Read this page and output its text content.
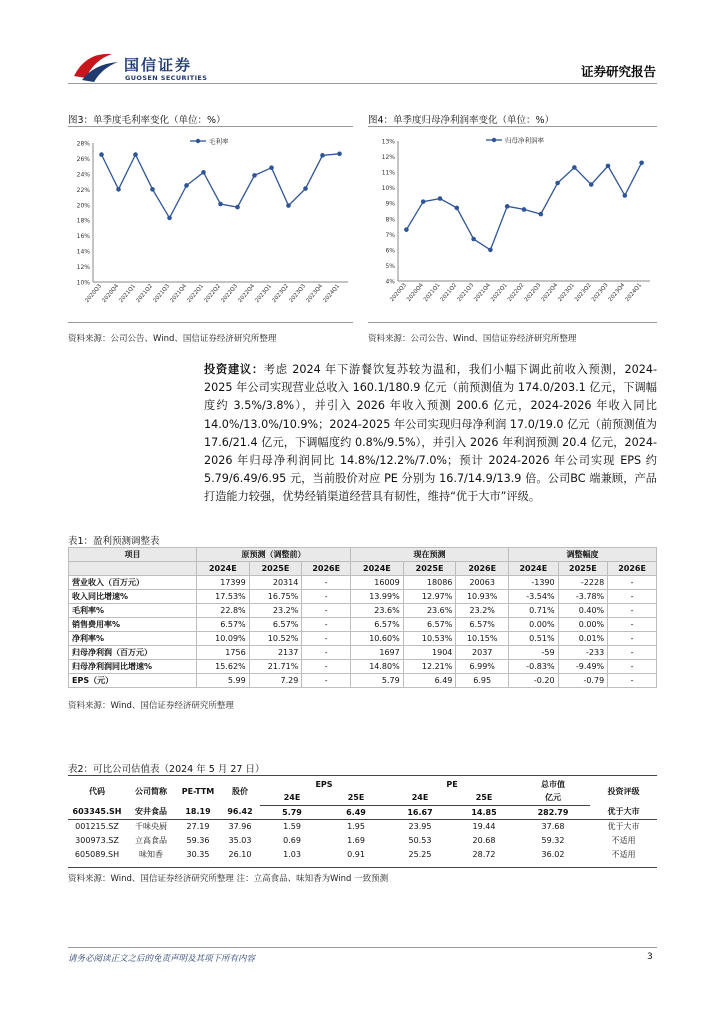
国信证券
GUOSEN SECURITIES	证券研究报告
图3：单季度毛利率变化（单位：%）
10%
12%
14%
16%
18%
20%
22%
24%
26%
28%
2020Q3
2020Q4
2021Q1
2021Q2
2021Q3
2021Q4
2022Q1
2022Q2
2022Q3
2022Q4
2023Q1
2023Q2
2023Q3
2023Q4
2024Q1
毛利率
资料来源：公司公告、Wind、国信证券经济研究所整理
图4：单季度归母净利润率变化（单位：%）
4%
5%
6%
7%
8%
9%
10%
11%
12%
13%
2020Q3
2020Q4
2021Q1
2021Q2
2021Q3
2021Q4
2022Q1
2022Q2
2022Q3
2022Q4
2023Q1
2023Q2
2023Q3
2023Q4
2024Q1
归母净利润率
资料来源：公司公告、Wind、国信证券经济研究所整理
投资建议：考虑 2024 年下游餐饮复苏较为温和，我们小幅下调此前收入预测，2024-2025 年公司实现营业总收入 160.1/180.9 亿元（前预测值为 174.0/203.1 亿元，下调幅度约 3.5%/3.8%），并引入 2026 年收入预测 200.6 亿元，2024-2026 年收入同比 14.0%/13.0%/10.9%；2024-2025 年公司实现归母净利润 17.0/19.0 亿元（前预测值为 17.6/21.4 亿元，下调幅度约 0.8%/9.5%），并引入 2026 年利润预测 20.4 亿元，2024-2026 年归母净利润同比 14.8%/12.2%/7.0%；预计 2024-2026 年公司实现 EPS 约 5.79/6.49/6.95 元，当前股价对应 PE 分别为 16.7/14.9/13.9 倍。公司BC 端兼顾，产品打造能力较强，优势经销渠道经营具有韧性，维持“优于大市”评级。
表1：盈利预测调整表
项目	原预测（调整前）			现在预测			调整幅度		
	2024E	2025E	2026E	2024E	2025E	2026E	2024E	2025E	2026E
营业收入（百万元）	17399	20314	-	16009	18086	20063	-1390	-2228	-
收入同比增速%	17.53%	16.75%	-	13.99%	12.97%	10.93%	-3.54%	-3.78%	-
毛利率%	22.8%	23.2%	-	23.6%	23.6%	23.2%	0.71%	0.40%	-
销售费用率%	6.57%	6.57%	-	6.57%	6.57%	6.57%	0.00%	0.00%	-
净利率%	10.09%	10.52%	-	10.60%	10.53%	10.15%	0.51%	0.01%	-
归母净利润（百万元）	1756	2137	-	1697	1904	2037	-59	-233	-
归母净利润同比增速%	15.62%	21.71%	-	14.80%	12.21%	6.99%	-0.83%	-9.49%	-
EPS（元）	5.99	7.29	-	5.79	6.49	6.95	-0.20	-0.79	-
资料来源：Wind、国信证券经济研究所整理
表2：可比公司估值表（2024 年 5 月 27 日）
代码	公司简称	PE-TTM	股价	EPS		PE		总市值	投资评级
				24E	25E	24E	25E	亿元	
603345.SH	安井食品	18.19	96.42	5.79	6.49	16.67	14.85	282.79	优于大市
001215.SZ	千味央厨	27.19	37.96	1.59	1.95	23.95	19.44	37.68	优于大市
300973.SZ	立高食品	59.36	35.03	0.69	1.69	50.53	20.68	59.32	不适用
605089.SH	味知香	30.35	26.10	1.03	0.91	25.25	28.72	36.02	不适用
资料来源：Wind、国信证券经济研究所整理 注：立高食品、味知香为Wind 一致预测
请务必阅读正文之后的免责声明及其项下所有内容	3
